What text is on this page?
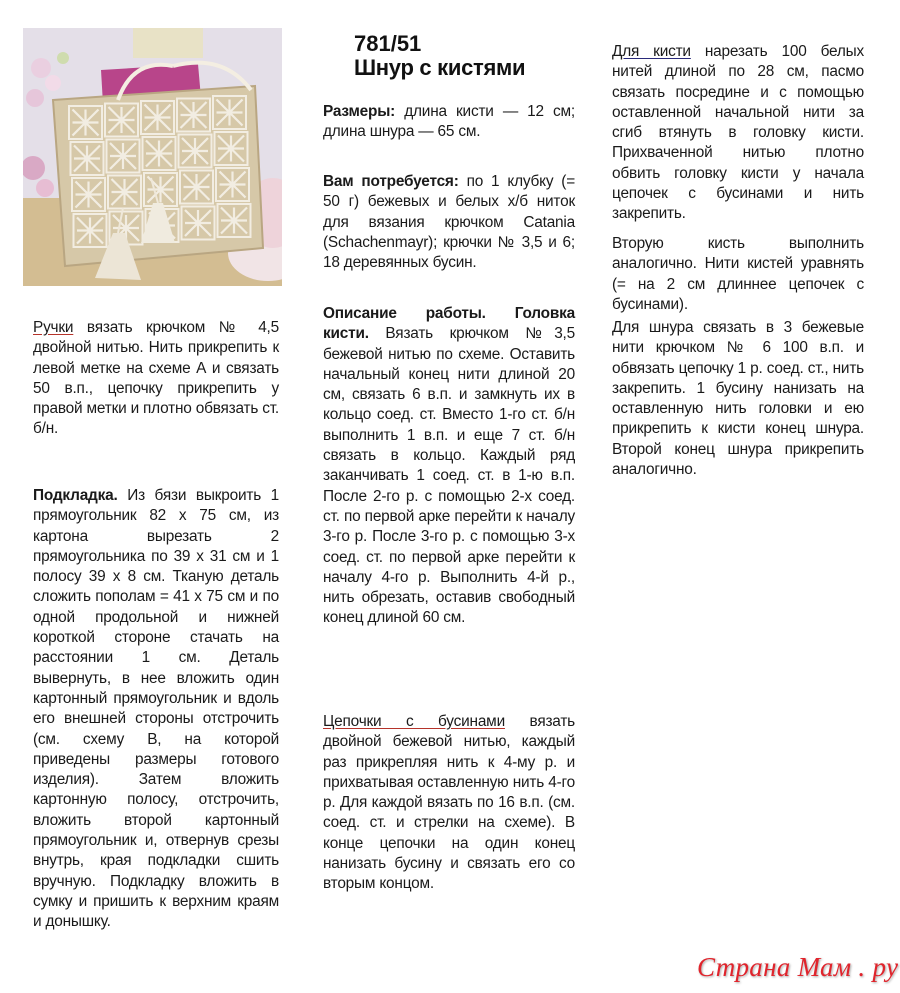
Ручки вязать крючком № 4,5 двойной нитью. Нить прикрепить к левой метке на схеме А и связать 50 в.п., цепочку прикрепить у правой метки и плотно обвязать ст. б/н.

Подкладка. Из бязи выкроить 1 прямоугольник 82 х 75 см, из картона вырезать 2 прямоугольника по 39 х 31 см и 1 полосу 39 х 8 см. Тканую деталь сложить пополам = 41 х 75 см и по одной продольной и нижней короткой стороне стачать на расстоянии 1 см. Деталь вывернуть, в нее вложить один картонный прямоугольник и вдоль его внешней стороны отстрочить (см. схему В, на которой приведены размеры готового изделия). Затем вложить картонную полосу, отстрочить, вложить второй картонный прямоугольник и, отвернув срезы внутрь, края подкладки сшить вручную. Подкладку вложить в сумку и пришить к верхним краям и донышку.

781/51
Шнур с кистями

Размеры: длина кисти — 12 см; длина шнура — 65 см.

Вам потребуется: по 1 клубку (= 50 г) бежевых и белых х/б ниток для вязания крючком Catania (Schachenmayr); крючки № 3,5 и 6; 18 деревянных бусин.

Описание работы. Головка кисти. Вязать крючком №3,5 бежевой нитью по схеме. Оставить начальный конец нити длиной 20 см, связать 6 в.п. и замкнуть их в кольцо соед. ст. Вместо 1-го ст. б/н выполнить 1 в.п. и еще 7 ст. б/н связать в кольцо. Каждый ряд заканчивать 1 соед. ст. в 1-ю в.п. После 2-го р. с помощью 2-х соед. ст. по первой арке перейти к началу 3-го р. После 3-го р. с помощью 3-х соед. ст. по первой арке перейти к началу 4-го р. Выполнить 4-й р., нить обрезать, оставив свободный конец длиной 60 см.

Цепочки с бусинами вязать двойной бежевой нитью, каждый раз прикрепляя нить к 4-му р. и прихватывая оставленную нить 4-го р. Для каждой вязать по 16 в.п. (см. соед. ст. и стрелки на схеме). В конце цепочки на один конец нанизать бусину и связать его со вторым концом.

Для кисти нарезать 100 белых нитей длиной по 28 см, пасмо связать посредине и с помощью оставленной начальной нити за сгиб втянуть в головку кисти. Прихваченной нитью плотно обвить головку кисти у начала цепочек с бусинами и нить закрепить.

Вторую кисть выполнить аналогично. Нити кистей уравнять (= на 2 см длиннее цепочек с бусинами).

Для шнура связать в 3 бежевые нити крючком № 6 100 в.п. и обвязать цепочку 1 р. соед. ст., нить закрепить. 1 бусину нанизать на оставленную нить головки и ею прикрепить к кисти конец шнура. Второй конец шнура прикрепить аналогично.

Страна Мам . ру
